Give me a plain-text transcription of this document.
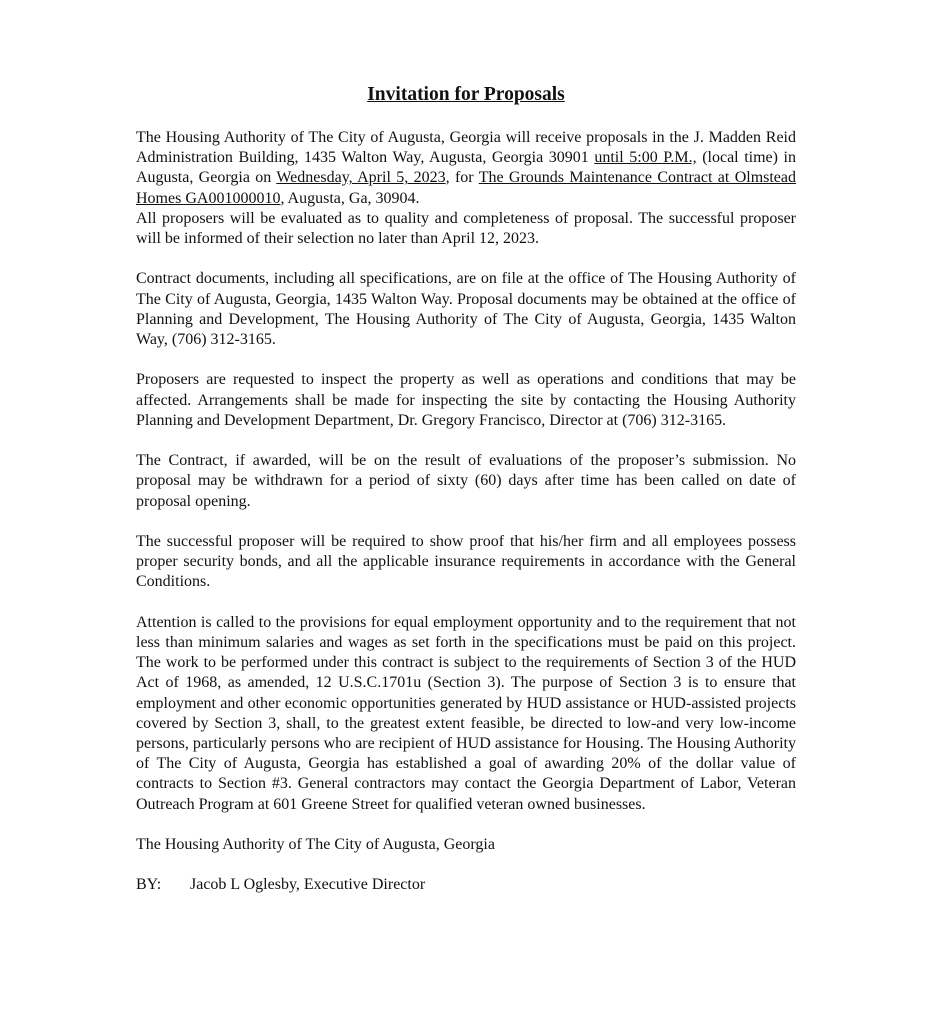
Invitation for Proposals

The Housing Authority of The City of Augusta, Georgia will receive proposals in the J. Madden Reid Administration Building, 1435 Walton Way, Augusta, Georgia 30901 until 5:00 P.M., (local time) in Augusta, Georgia on Wednesday, April 5, 2023, for The Grounds Maintenance Contract at Olmstead Homes GA001000010, Augusta, Ga, 30904.
All proposers will be evaluated as to quality and completeness of proposal. The successful proposer will be informed of their selection no later than April 12, 2023.

Contract documents, including all specifications, are on file at the office of The Housing Authority of The City of Augusta, Georgia, 1435 Walton Way. Proposal documents may be obtained at the office of Planning and Development, The Housing Authority of The City of Augusta, Georgia, 1435 Walton Way, (706) 312-3165.

Proposers are requested to inspect the property as well as operations and conditions that may be affected. Arrangements shall be made for inspecting the site by contacting the Housing Authority Planning and Development Department, Dr. Gregory Francisco, Director at (706) 312-3165.

The Contract, if awarded, will be on the result of evaluations of the proposer’s submission. No proposal may be withdrawn for a period of sixty (60) days after time has been called on date of proposal opening.

The successful proposer will be required to show proof that his/her firm and all employees possess proper security bonds, and all the applicable insurance requirements in accordance with the General Conditions.

Attention is called to the provisions for equal employment opportunity and to the requirement that not less than minimum salaries and wages as set forth in the specifications must be paid on this project. The work to be performed under this contract is subject to the requirements of Section 3 of the HUD Act of 1968, as amended, 12 U.S.C.1701u (Section 3). The purpose of Section 3 is to ensure that employment and other economic opportunities generated by HUD assistance or HUD-assisted projects covered by Section 3, shall, to the greatest extent feasible, be directed to low-and very low-income persons, particularly persons who are recipient of HUD assistance for Housing. The Housing Authority of The City of Augusta, Georgia has established a goal of awarding 20% of the dollar value of contracts to Section #3. General contractors may contact the Georgia Department of Labor, Veteran Outreach Program at 601 Greene Street for qualified veteran owned businesses.

The Housing Authority of The City of Augusta, Georgia

BY: Jacob L Oglesby, Executive Director
